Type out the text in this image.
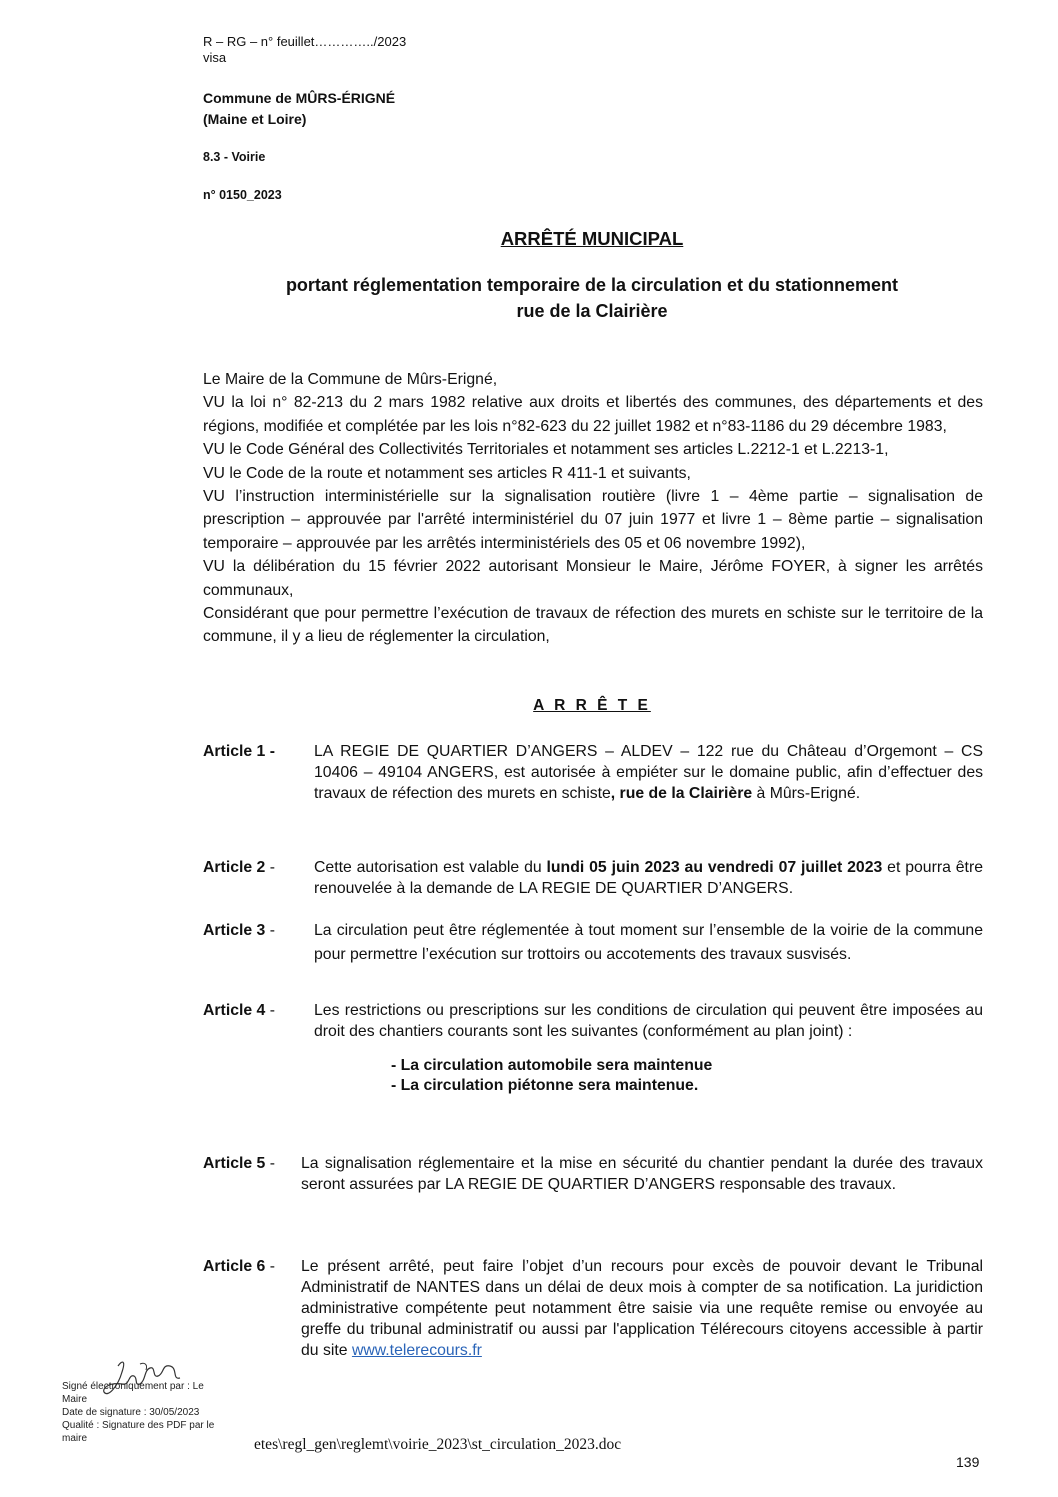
R – RG – n° feuillet…………../2023
visa
Commune de MÛRS-ÉRIGNÉ
(Maine et Loire)
8.3 - Voirie
n° 0150_2023
ARRÊTÉ MUNICIPAL
portant réglementation temporaire de la circulation et du stationnement
rue de la Clairière

Le Maire de la Commune de Mûrs-Erigné,

VU la loi n° 82-213 du 2 mars 1982 relative aux droits et libertés des communes, des départements et des régions, modifiée et complétée par les lois n°82-623 du 22 juillet 1982 et n°83-1186 du 29 décembre 1983,

VU le Code Général des Collectivités Territoriales et notamment ses articles L.2212-1 et L.2213-1,

VU le Code de la route et notamment ses articles R 411-1 et suivants,

VU l’instruction interministérielle sur la signalisation routière (livre 1 – 4ème partie – signalisation de prescription – approuvée par l'arrêté interministériel du 07 juin 1977 et livre 1 – 8ème partie – signalisation temporaire – approuvée par les arrêtés interministériels des 05 et 06 novembre 1992),

VU la délibération du 15 février 2022 autorisant Monsieur le Maire, Jérôme FOYER, à signer les arrêtés communaux,

Considérant que pour permettre l’exécution de travaux de réfection des murets en schiste sur le territoire de la commune, il y a lieu de réglementer la circulation,

A R R Ê T E
Article 1 - LA REGIE DE QUARTIER D’ANGERS – ALDEV – 122 rue du Château d’Orgemont – CS 10406 – 49104 ANGERS, est autorisée à empiéter sur le domaine public, afin d’effectuer des travaux de réfection des murets en schiste, rue de la Clairière à Mûrs-Erigné.
Article 2 - Cette autorisation est valable du lundi 05 juin 2023 au vendredi 07 juillet 2023 et pourra être renouvelée à la demande de LA REGIE DE QUARTIER D’ANGERS.
Article 3 - La circulation peut être réglementée à tout moment sur l’ensemble de la voirie de la commune pour permettre l’exécution sur trottoirs ou accotements des travaux susvisés.
Article 4 - Les restrictions ou prescriptions sur les conditions de circulation qui peuvent être imposées au droit des chantiers courants sont les suivantes (conformément au plan joint) :

- La circulation automobile sera maintenue
- La circulation piétonne sera maintenue.

Article 5 - La signalisation réglementaire et la mise en sécurité du chantier pendant la durée des travaux seront assurées par LA REGIE DE QUARTIER D’ANGERS responsable des travaux.
Article 6 - Le présent arrêté, peut faire l’objet d’un recours pour excès de pouvoir devant le Tribunal Administratif de NANTES dans un délai de deux mois à compter de sa notification. La juridiction administrative compétente peut notamment être saisie via une requête remise ou envoyée au greffe du tribunal administratif ou aussi par l'application Télérecours citoyens accessible à partir du site www.telerecours.fr
Signé électroniquement par : Le Maire
Date de signature : 30/05/2023
Qualité : Signature des PDF par le maire	etes\regl_gen\reglemt\voirie_2023\st_circulation_2023.doc
139
